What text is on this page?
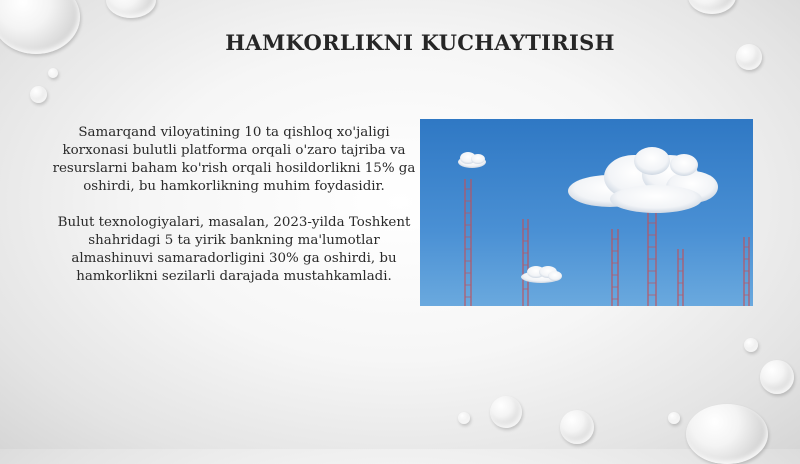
HAMKORLIKNI KUCHAYTIRISH

Samarqand viloyatining 10 ta qishloq xo'jaligi korxonasi bulutli platforma orqali o'zaro tajriba va resurslarni baham ko'rish orqali hosildorlikni 15% ga oshirdi, bu hamkorlikning muhim foydasidir.

Bulut texnologiyalari, masalan, 2023-yilda Toshkent shahridagi 5 ta yirik bankning ma'lumotlar almashinuvi samaradorligini 30% ga oshirdi, bu hamkorlikni sezilarli darajada mustahkamladi.
